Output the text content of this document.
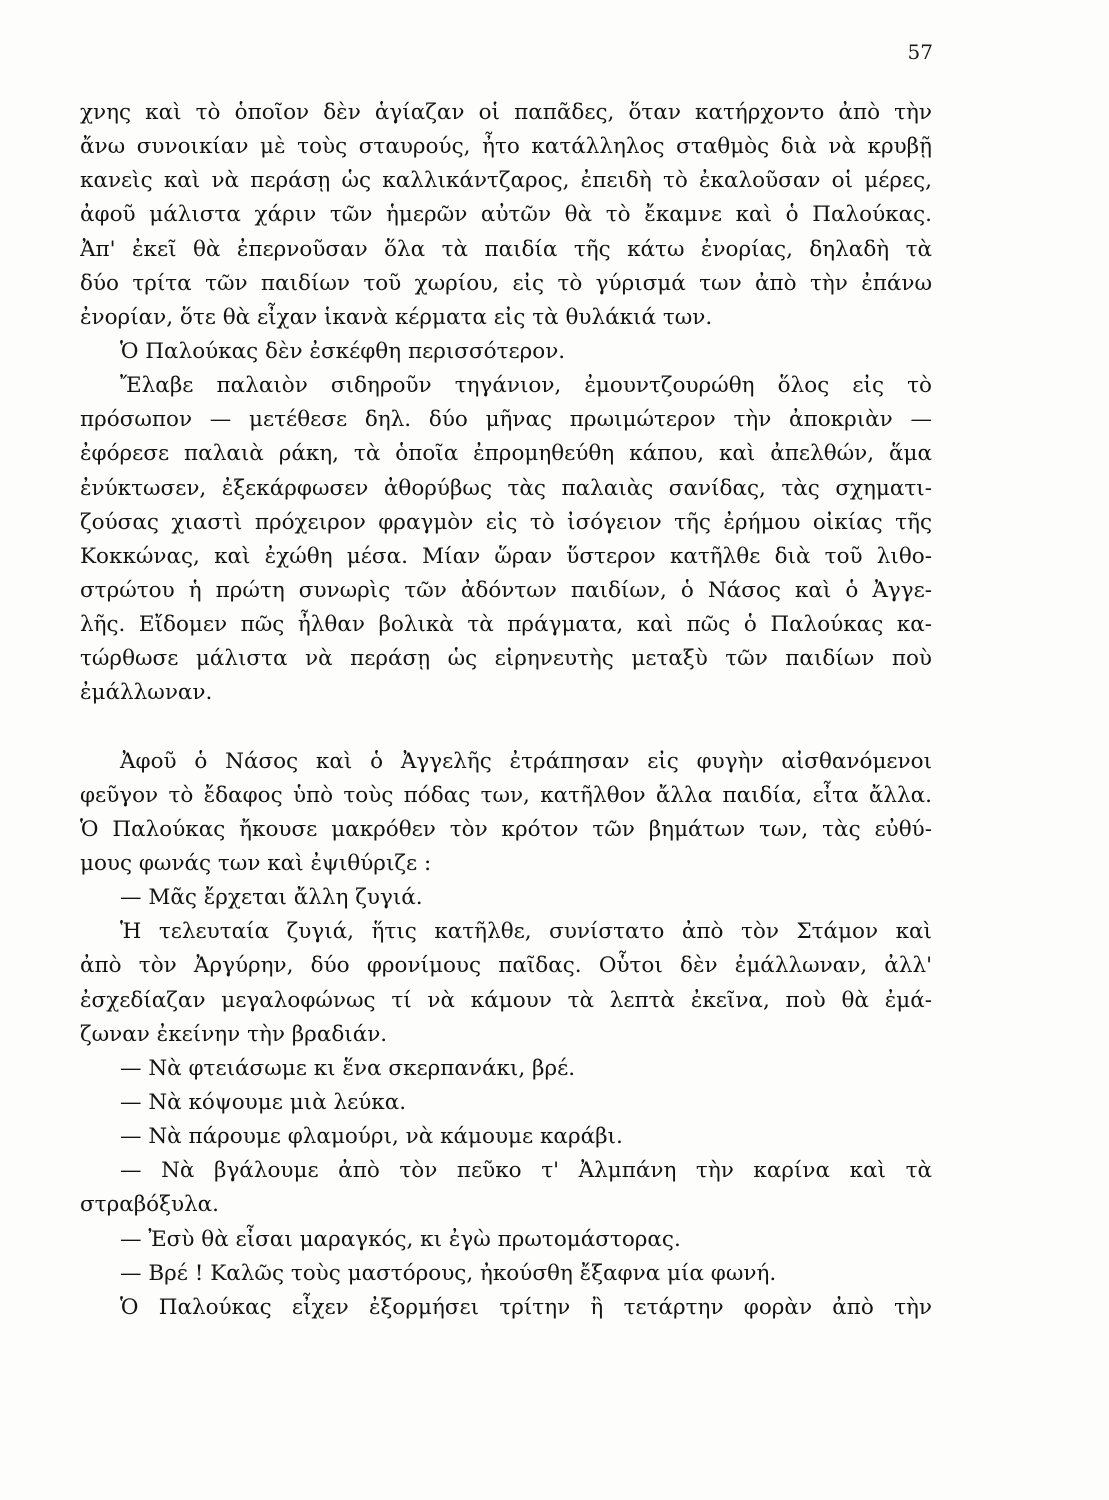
57
χνης καὶ τὸ ὁποῖον δὲν ἁγίαζαν οἱ παπᾶδες, ὅταν κατήρχοντο ἀπὸ τὴν
ἄνω συνοικίαν μὲ τοὺς σταυρούς, ἦτο κατάλληλος σταθμὸς διὰ νὰ κρυβῇ
κανεὶς καὶ νὰ περάσῃ ὡς καλλικάντζαρος, ἐπειδὴ τὸ ἐκαλοῦσαν οἱ μέρες,
ἀφοῦ μάλιστα χάριν τῶν ἡμερῶν αὐτῶν θὰ τὸ ἔκαμνε καὶ ὁ Παλούκας.
Ἀπ' ἐκεῖ θὰ ἐπερνοῦσαν ὅλα τὰ παιδία τῆς κάτω ἐνορίας, δηλαδὴ τὰ
δύο τρίτα τῶν παιδίων τοῦ χωρίου, εἰς τὸ γύρισμά των ἀπὸ τὴν ἐπάνω
ἐνορίαν, ὅτε θὰ εἶχαν ἱκανὰ κέρματα εἰς τὰ θυλάκιά των.
Ὁ Παλούκας δὲν ἐσκέφθη περισσότερον.
Ἔλαβε παλαιὸν σιδηροῦν τηγάνιον, ἐμουντζουρώθη ὅλος εἰς τὸ
πρόσωπον — μετέθεσε δηλ. δύο μῆνας πρωιμώτερον τὴν ἀποκριὰν —
ἐφόρεσε παλαιὰ ράκη, τὰ ὁποῖα ἐπρομηθεύθη κάπου, καὶ ἀπελθών, ἅμα
ἐνύκτωσεν, ἐξεκάρφωσεν ἀθορύβως τὰς παλαιὰς σανίδας, τὰς σχηματι-
ζούσας χιαστὶ πρόχειρον φραγμὸν εἰς τὸ ἰσόγειον τῆς ἐρήμου οἰκίας τῆς
Κοκκώνας, καὶ ἐχώθη μέσα. Μίαν ὥραν ὕστερον κατῆλθε διὰ τοῦ λιθο-
στρώτου ἡ πρώτη συνωρὶς τῶν ἀδόντων παιδίων, ὁ Νάσος καὶ ὁ Ἀγγε-
λῆς. Εἴδομεν πῶς ἦλθαν βολικὰ τὰ πράγματα, καὶ πῶς ὁ Παλούκας κα-
τώρθωσε μάλιστα νὰ περάσῃ ὡς εἰρηνευτὴς μεταξὺ τῶν παιδίων ποὺ
ἐμάλλωναν.
Ἀφοῦ ὁ Νάσος καὶ ὁ Ἀγγελῆς ἐτράπησαν εἰς φυγὴν αἰσθανόμενοι
φεῦγον τὸ ἔδαφος ὑπὸ τοὺς πόδας των, κατῆλθον ἄλλα παιδία, εἶτα ἄλλα.
Ὁ Παλούκας ἤκουσε μακρόθεν τὸν κρότον τῶν βημάτων των, τὰς εὐθύ-
μους φωνάς των καὶ ἐψιθύριζε :
— Μᾶς ἔρχεται ἄλλη ζυγιά.
Ἡ τελευταία ζυγιά, ἥτις κατῆλθε, συνίστατο ἀπὸ τὸν Στάμον καὶ
ἀπὸ τὸν Ἀργύρην, δύο φρονίμους παῖδας. Οὗτοι δὲν ἐμάλλωναν, ἀλλ'
ἐσχεδίαζαν μεγαλοφώνως τί νὰ κάμουν τὰ λεπτὰ ἐκεῖνα, ποὺ θὰ ἐμά-
ζωναν ἐκείνην τὴν βραδιάν.
— Νὰ φτειάσωμε κι ἕνα σκερπανάκι, βρέ.
— Νὰ κόψουμε μιὰ λεύκα.
— Νὰ πάρουμε φλαμούρι, νὰ κάμουμε καράβι.
— Νὰ βγάλουμε ἀπὸ τὸν πεῦκο τ' Ἀλμπάνη τὴν καρίνα καὶ τὰ
στραβόξυλα.
— Ἐσὺ θὰ εἶσαι μαραγκός, κι ἐγὼ πρωτομάστορας.
— Βρέ ! Καλῶς τοὺς μαστόρους, ἠκούσθη ἔξαφνα μία φωνή.
Ὁ Παλούκας εἶχεν ἐξορμήσει τρίτην ἢ τετάρτην φορὰν ἀπὸ τὴν
